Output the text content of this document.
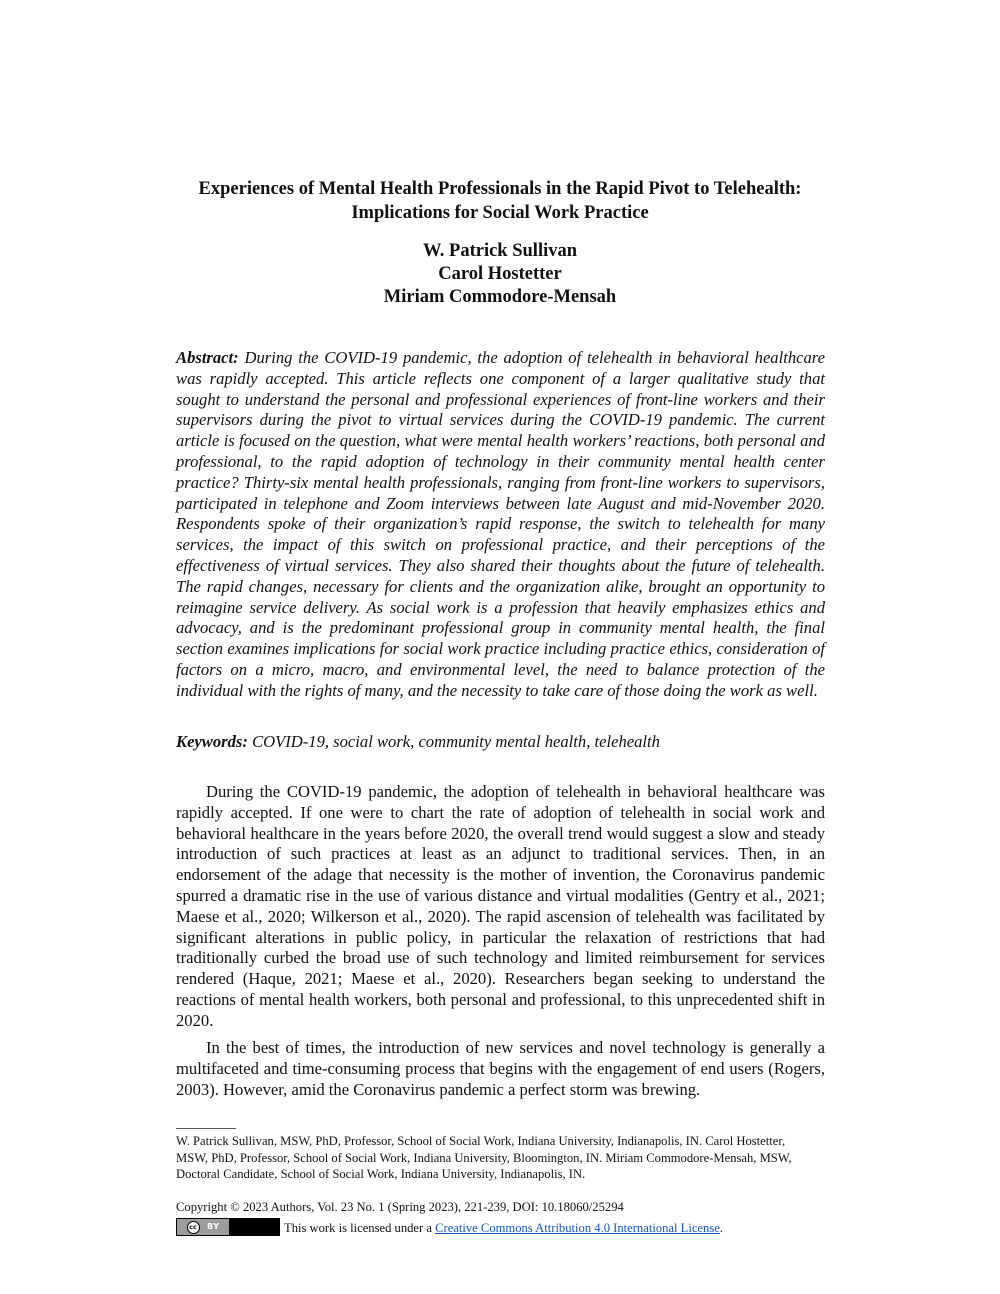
Experiences of Mental Health Professionals in the Rapid Pivot to Telehealth:
Implications for Social Work Practice
W. Patrick Sullivan
Carol Hostetter
Miriam Commodore-Mensah

Abstract: During the COVID-19 pandemic, the adoption of telehealth in behavioral healthcare was rapidly accepted. This article reflects one component of a larger qualitative study that sought to understand the personal and professional experiences of front-line workers and their supervisors during the pivot to virtual services during the COVID-19 pandemic. The current article is focused on the question, what were mental health workers’ reactions, both personal and professional, to the rapid adoption of technology in their community mental health center practice? Thirty-six mental health professionals, ranging from front-line workers to supervisors, participated in telephone and Zoom interviews between late August and mid-November 2020. Respondents spoke of their organization’s rapid response, the switch to telehealth for many services, the impact of this switch on professional practice, and their perceptions of the effectiveness of virtual services. They also shared their thoughts about the future of telehealth. The rapid changes, necessary for clients and the organization alike, brought an opportunity to reimagine service delivery. As social work is a profession that heavily emphasizes ethics and advocacy, and is the predominant professional group in community mental health, the final section examines implications for social work practice including practice ethics, consideration of factors on a micro, macro, and environmental level, the need to balance protection of the individual with the rights of many, and the necessity to take care of those doing the work as well.

Keywords: COVID-19, social work, community mental health, telehealth

During the COVID-19 pandemic, the adoption of telehealth in behavioral healthcare was rapidly accepted. If one were to chart the rate of adoption of telehealth in social work and behavioral healthcare in the years before 2020, the overall trend would suggest a slow and steady introduction of such practices at least as an adjunct to traditional services. Then, in an endorsement of the adage that necessity is the mother of invention, the Coronavirus pandemic spurred a dramatic rise in the use of various distance and virtual modalities (Gentry et al., 2021; Maese et al., 2020; Wilkerson et al., 2020). The rapid ascension of telehealth was facilitated by significant alterations in public policy, in particular the relaxation of restrictions that had traditionally curbed the broad use of such technology and limited reimbursement for services rendered (Haque, 2021; Maese et al., 2020). Researchers began seeking to understand the reactions of mental health workers, both personal and professional, to this unprecedented shift in 2020.

In the best of times, the introduction of new services and novel technology is generally a multifaceted and time-consuming process that begins with the engagement of end users (Rogers, 2003). However, amid the Coronavirus pandemic a perfect storm was brewing.

W. Patrick Sullivan, MSW, PhD, Professor, School of Social Work, Indiana University, Indianapolis, IN. Carol Hostetter, MSW, PhD, Professor, School of Social Work, Indiana University, Bloomington, IN. Miriam Commodore-Mensah, MSW, Doctoral Candidate, School of Social Work, Indiana University, Indianapolis, IN.

Copyright © 2023 Authors, Vol. 23 No. 1 (Spring 2023), 221-239, DOI: 10.18060/25294

cc	BY	This work is licensed under a
Creative Commons Attribution 4.0 International License .
